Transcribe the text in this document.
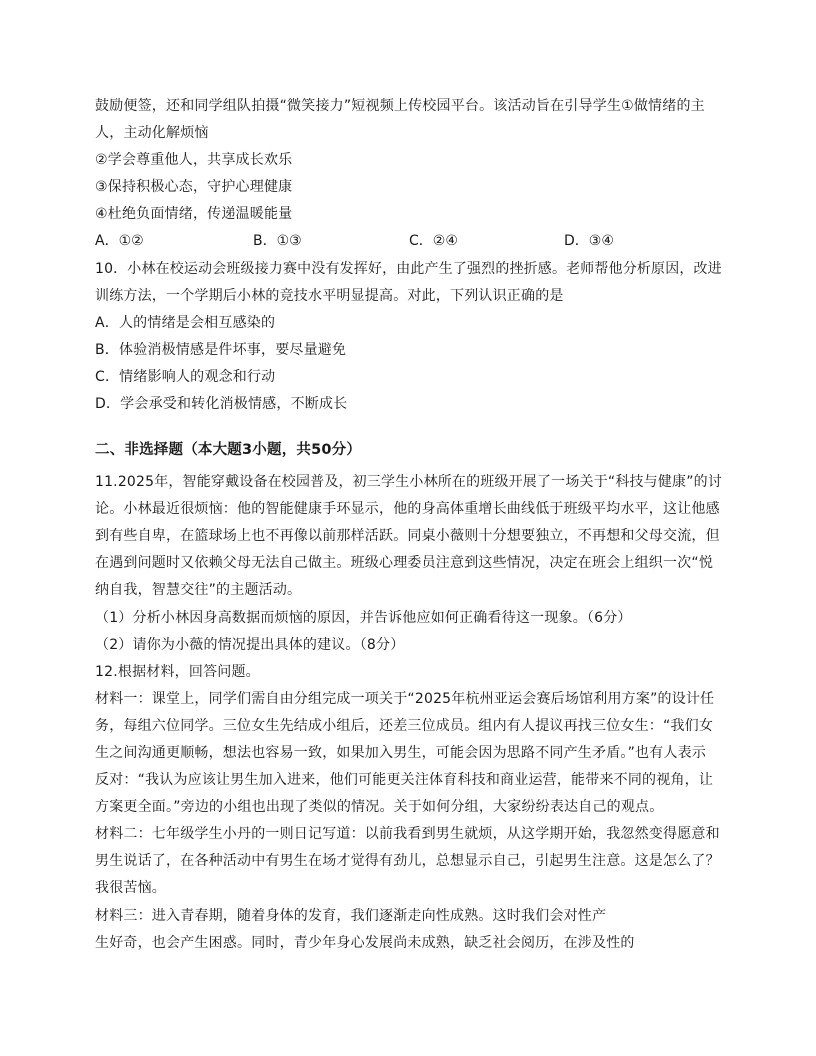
鼓励便签，还和同学组队拍摄“微笑接力”短视频上传校园平台。该活动旨在引导学生①做情绪的主
人，主动化解烦恼
②学会尊重他人，共享成长欢乐
③保持积极心态，守护心理健康
④杜绝负面情绪，传递温暖能量
A．①②	B．①③	C．②④	D．③④
10．小林在校运动会班级接力赛中没有发挥好，由此产生了强烈的挫折感。老师帮他分析原因，改进
训练方法，一个学期后小林的竞技水平明显提高。对此，下列认识正确的是
A．人的情绪是会相互感染的
B．体验消极情感是件坏事，要尽量避免
C．情绪影响人的观念和行动
D．学会承受和转化消极情感，不断成长
二、非选择题（本大题3小题，共50分）
11.2025年，智能穿戴设备在校园普及，初三学生小林所在的班级开展了一场关于“科技与健康”的讨
论。小林最近很烦恼：他的智能健康手环显示，他的身高体重增长曲线低于班级平均水平，这让他感
到有些自卑，在篮球场上也不再像以前那样活跃。同桌小薇则十分想要独立，不再想和父母交流，但
在遇到问题时又依赖父母无法自己做主。班级心理委员注意到这些情况，决定在班会上组织一次“悦
纳自我，智慧交往”的主题活动。
（1）分析小林因身高数据而烦恼的原因，并告诉他应如何正确看待这一现象。（6分）
（2）请你为小薇的情况提出具体的建议。（8分）
12.根据材料，回答问题。
材料一：课堂上，同学们需自由分组完成一项关于“2025年杭州亚运会赛后场馆利用方案”的设计任
务，每组六位同学。三位女生先结成小组后，还差三位成员。组内有人提议再找三位女生：“我们女
生之间沟通更顺畅，想法也容易一致，如果加入男生，可能会因为思路不同产生矛盾。”也有人表示
反对：“我认为应该让男生加入进来，他们可能更关注体育科技和商业运营，能带来不同的视角，让
方案更全面。”旁边的小组也出现了类似的情况。关于如何分组，大家纷纷表达自己的观点。
材料二：七年级学生小丹的一则日记写道：以前我看到男生就烦，从这学期开始，我忽然变得愿意和
男生说话了，在各种活动中有男生在场才觉得有劲儿，总想显示自己，引起男生注意。这是怎么了？
我很苦恼。
材料三：进入青春期，随着身体的发育，我们逐渐走向性成熟。这时我们会对性产
生好奇，也会产生困惑。同时，青少年身心发展尚未成熟，缺乏社会阅历，在涉及性的
